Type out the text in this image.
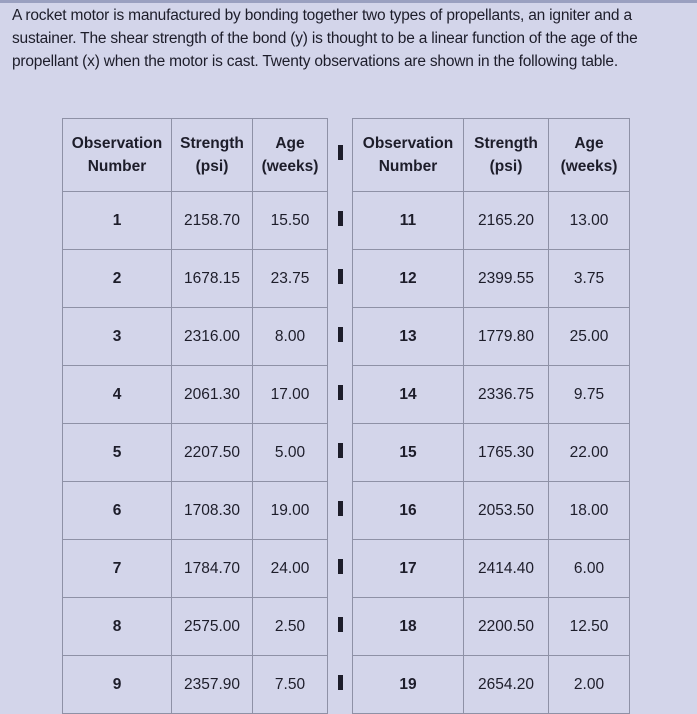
A rocket motor is manufactured by bonding together two types of propellants, an igniter and a sustainer. The shear strength of the bond (y) is thought to be a linear function of the age of the propellant (x) when the motor is cast. Twenty observations are shown in the following table.

Observation Number	Strength (psi)	Age (weeks)		Observation Number	Strength (psi)	Age (weeks)
1	2158.70	15.50		11	2165.20	13.00
2	1678.15	23.75		12	2399.55	3.75
3	2316.00	8.00		13	1779.80	25.00
4	2061.30	17.00		14	2336.75	9.75
5	2207.50	5.00		15	1765.30	22.00
6	1708.30	19.00		16	2053.50	18.00
7	1784.70	24.00		17	2414.40	6.00
8	2575.00	2.50		18	2200.50	12.50
9	2357.90	7.50		19	2654.20	2.00
